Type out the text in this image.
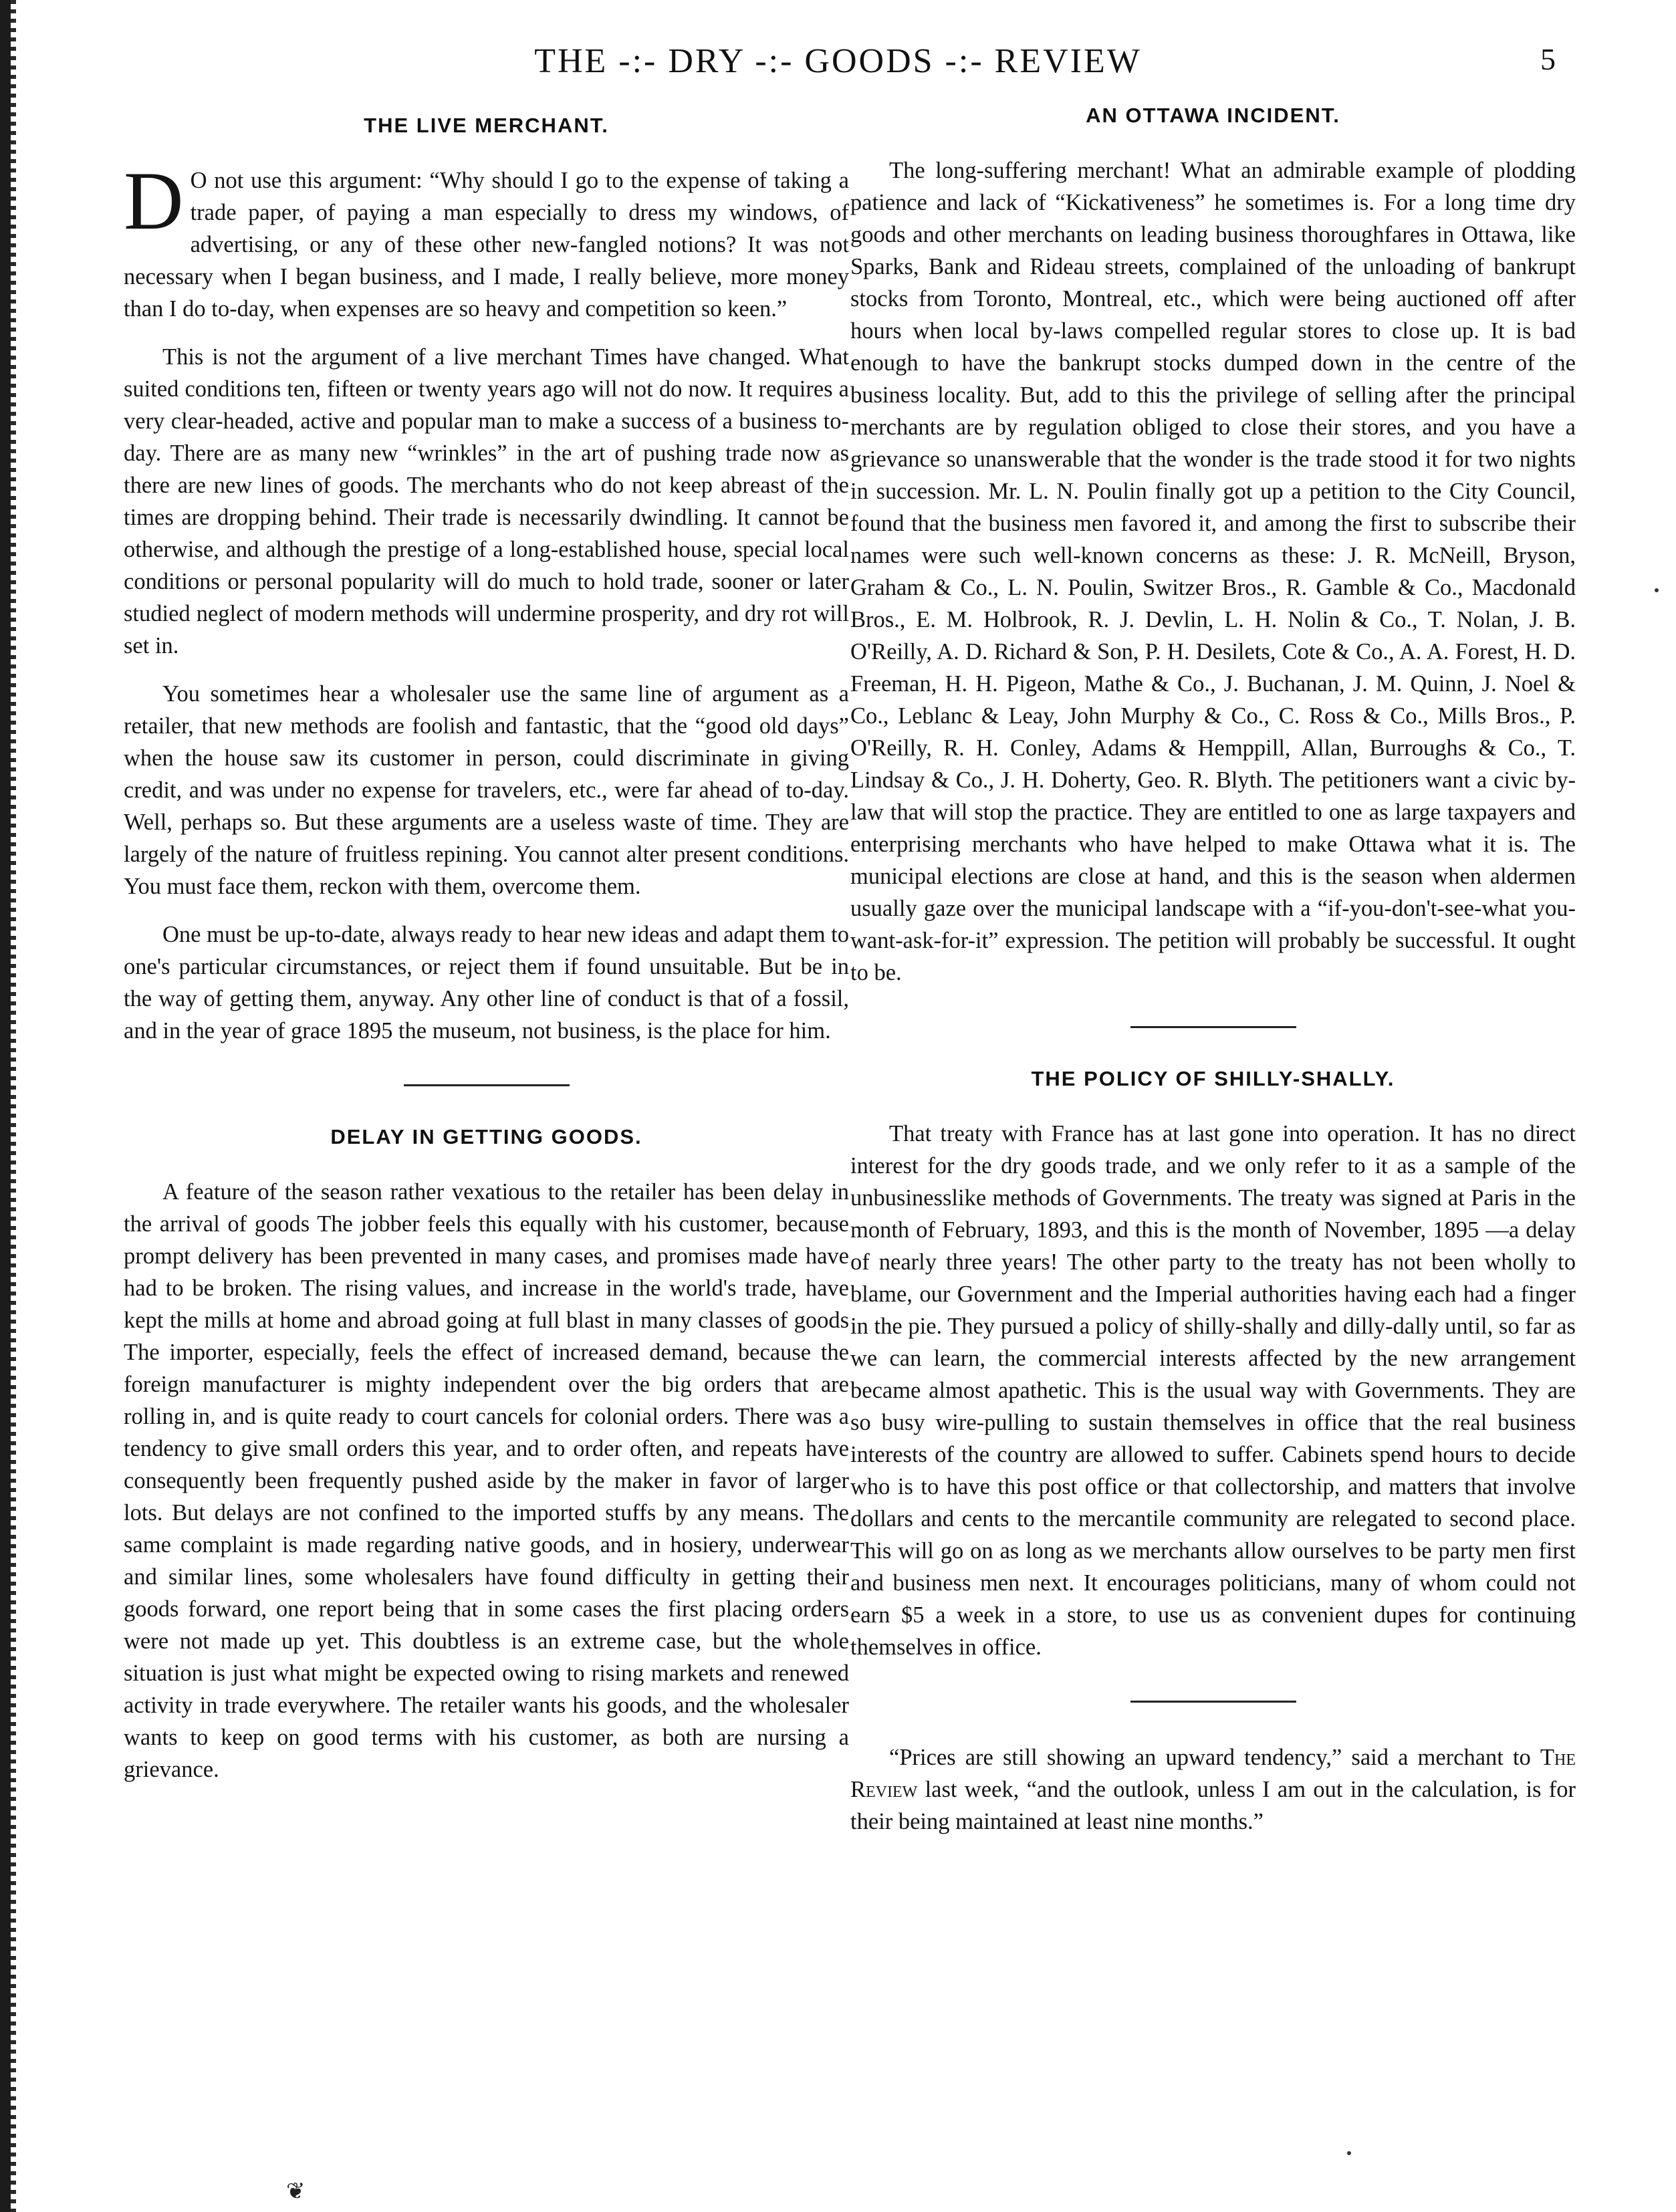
THE -:- DRY -:- GOODS -:- REVIEW	5
THE LIVE MERCHANT.

D O not use this argument: “Why should I go to the expense of taking a trade paper, of paying a man especially to dress my windows, of advertising, or any of these other new-fangled notions? It was not necessary when I began business, and I made, I really believe, more money than I do to-day, when expenses are so heavy and competition so keen.”

This is not the argument of a live merchant Times have changed. What suited conditions ten, fifteen or twenty years ago will not do now. It requires a very clear-headed, active and popular man to make a success of a business to-day. There are as many new “wrinkles” in the art of pushing trade now as there are new lines of goods. The merchants who do not keep abreast of the times are dropping behind. Their trade is necessarily dwindling. It cannot be otherwise, and although the prestige of a long-established house, special local conditions or personal popularity will do much to hold trade, sooner or later studied neglect of modern methods will undermine prosperity, and dry rot will set in.

You sometimes hear a wholesaler use the same line of argument as a retailer, that new methods are foolish and fantastic, that the “good old days” when the house saw its customer in person, could discriminate in giving credit, and was under no expense for travelers, etc., were far ahead of to-day. Well, perhaps so. But these arguments are a useless waste of time. They are largely of the nature of fruitless repining. You cannot alter present conditions. You must face them, reckon with them, overcome them.

One must be up-to-date, always ready to hear new ideas and adapt them to one's particular circumstances, or reject them if found unsuitable. But be in the way of getting them, anyway. Any other line of conduct is that of a fossil, and in the year of grace 1895 the museum, not business, is the place for him.

DELAY IN GETTING GOODS.

A feature of the season rather vexatious to the retailer has been delay in the arrival of goods The jobber feels this equally with his customer, because prompt delivery has been prevented in many cases, and promises made have had to be broken. The rising values, and increase in the world's trade, have kept the mills at home and abroad going at full blast in many classes of goods The importer, especially, feels the effect of increased demand, because the foreign manufacturer is mighty independent over the big orders that are rolling in, and is quite ready to court cancels for colonial orders. There was a tendency to give small orders this year, and to order often, and repeats have consequently been frequently pushed aside by the maker in favor of larger lots. But delays are not confined to the imported stuffs by any means. The same complaint is made regarding native goods, and in hosiery, underwear and similar lines, some wholesalers have found difficulty in getting their goods forward, one report being that in some cases the first placing orders were not made up yet. This doubtless is an extreme case, but the whole situation is just what might be expected owing to rising markets and renewed activity in trade everywhere. The retailer wants his goods, and the wholesaler wants to keep on good terms with his customer, as both are nursing a grievance.

AN OTTAWA INCIDENT.

The long-suffering merchant! What an admirable example of plodding patience and lack of “Kickativeness” he sometimes is. For a long time dry goods and other merchants on leading business thoroughfares in Ottawa, like Sparks, Bank and Rideau streets, complained of the unloading of bankrupt stocks from Toronto, Montreal, etc., which were being auctioned off after hours when local by-laws compelled regular stores to close up. It is bad enough to have the bankrupt stocks dumped down in the centre of the business locality. But, add to this the privilege of selling after the principal merchants are by regulation obliged to close their stores, and you have a grievance so unanswerable that the wonder is the trade stood it for two nights in succession. Mr. L. N. Poulin finally got up a petition to the City Council, found that the business men favored it, and among the first to subscribe their names were such well-known concerns as these: J. R. McNeill, Bryson, Graham & Co., L. N. Poulin, Switzer Bros., R. Gamble & Co., Macdonald Bros., E. M. Holbrook, R. J. Devlin, L. H. Nolin & Co., T. Nolan, J. B. O'Reilly, A. D. Richard & Son, P. H. Desilets, Cote & Co., A. A. Forest, H. D. Freeman, H. H. Pigeon, Mathe & Co., J. Buchanan, J. M. Quinn, J. Noel & Co., Leblanc & Leay, John Murphy & Co., C. Ross & Co., Mills Bros., P. O'Reilly, R. H. Conley, Adams & Hemppill, Allan, Burroughs & Co., T. Lindsay & Co., J. H. Doherty, Geo. R. Blyth. The petitioners want a civic by-law that will stop the practice. They are entitled to one as large taxpayers and enterprising merchants who have helped to make Ottawa what it is. The municipal elections are close at hand, and this is the season when aldermen usually gaze over the municipal landscape with a “if-you-don't-see-what you-want-ask-for-it” expression. The petition will probably be successful. It ought to be.

THE POLICY OF SHILLY-SHALLY.

That treaty with France has at last gone into operation. It has no direct interest for the dry goods trade, and we only refer to it as a sample of the unbusinesslike methods of Governments. The treaty was signed at Paris in the month of February, 1893, and this is the month of November, 1895 —a delay of nearly three years! The other party to the treaty has not been wholly to blame, our Government and the Imperial authorities having each had a finger in the pie. They pursued a policy of shilly-shally and dilly-dally until, so far as we can learn, the commercial interests affected by the new arrangement became almost apathetic. This is the usual way with Governments. They are so busy wire-pulling to sustain themselves in office that the real business interests of the country are allowed to suffer. Cabinets spend hours to decide who is to have this post office or that collectorship, and matters that involve dollars and cents to the mercantile community are relegated to second place. This will go on as long as we merchants allow ourselves to be party men first and business men next. It encourages politicians, many of whom could not earn $5 a week in a store, to use us as convenient dupes for continuing themselves in office.

“Prices are still showing an upward tendency,” said a merchant to The Review last week, “and the outlook, unless I am out in the calculation, is for their being maintained at least nine months.”

❦
